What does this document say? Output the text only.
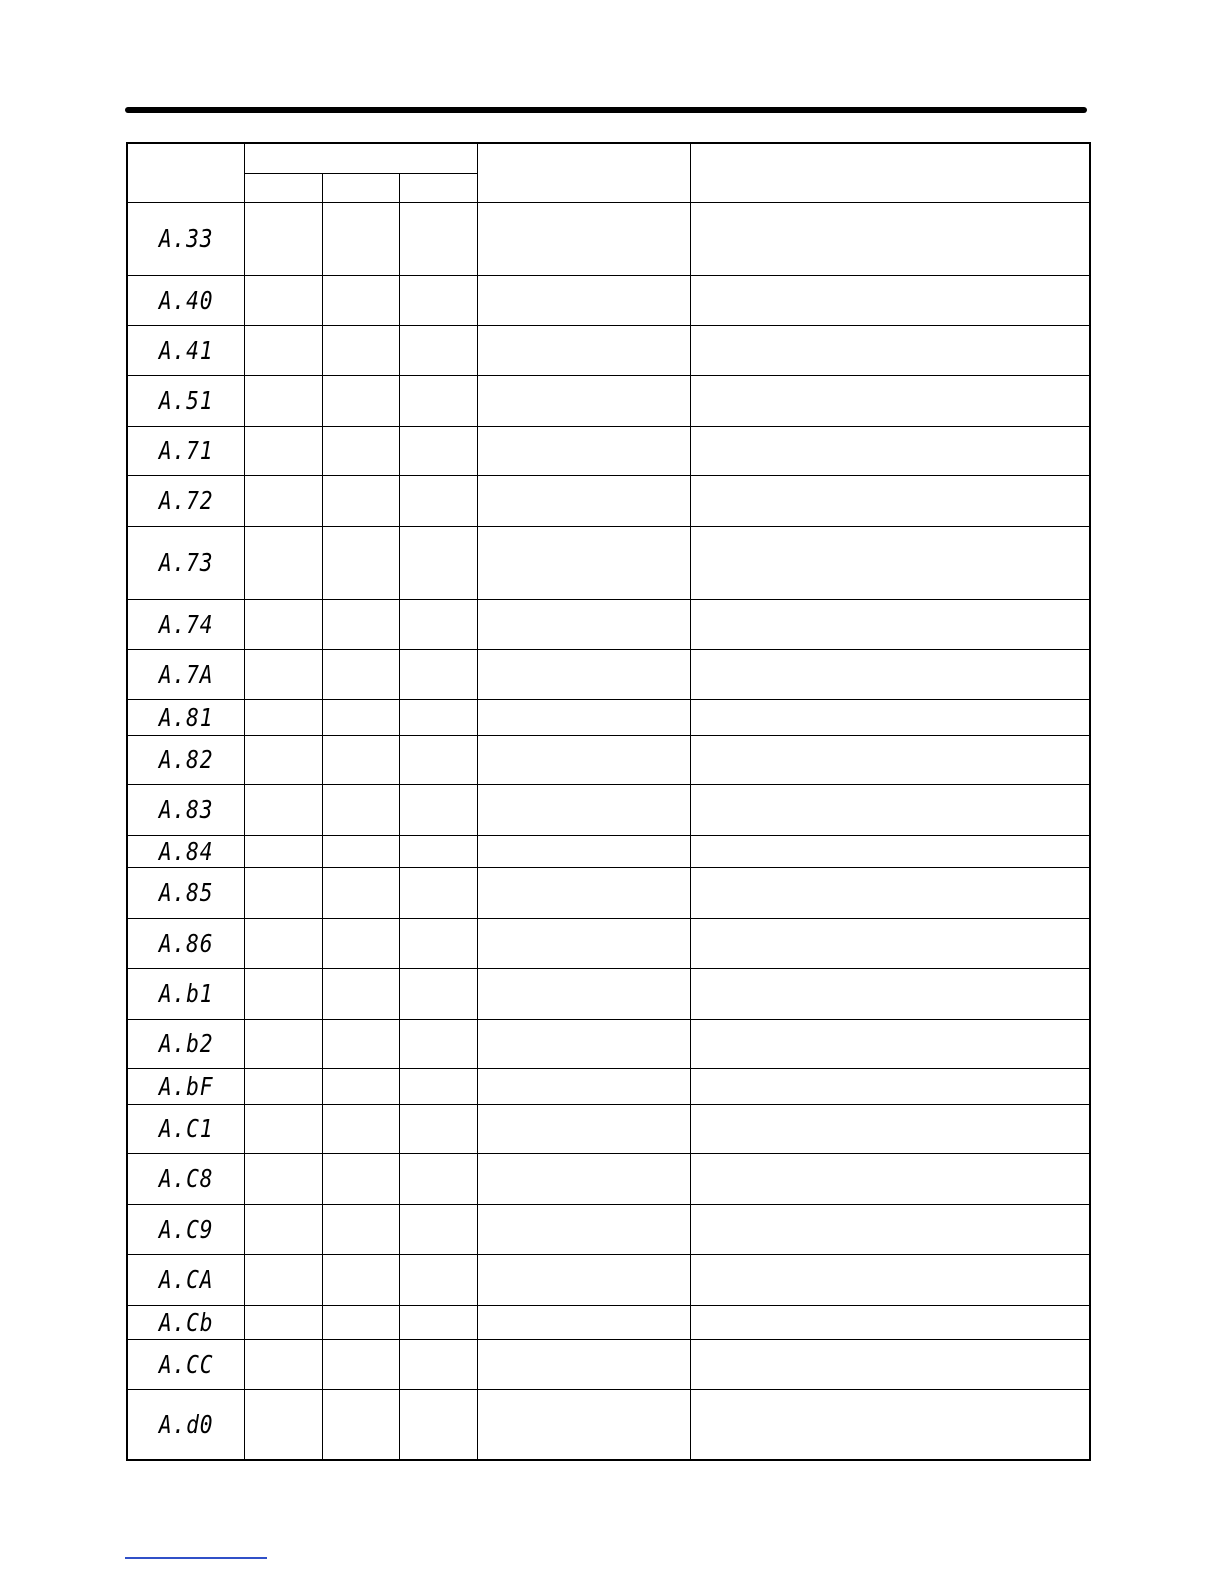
A.33					
A.40					
A.41					
A.51					
A.71					
A.72					
A.73					
A.74					
A.7A					
A.81					
A.82					
A.83					
A.84					
A.85					
A.86					
A.b1					
A.b2					
A.bF					
A.C1					
A.C8					
A.C9					
A.CA					
A.Cb					
A.CC					
A.d0					
